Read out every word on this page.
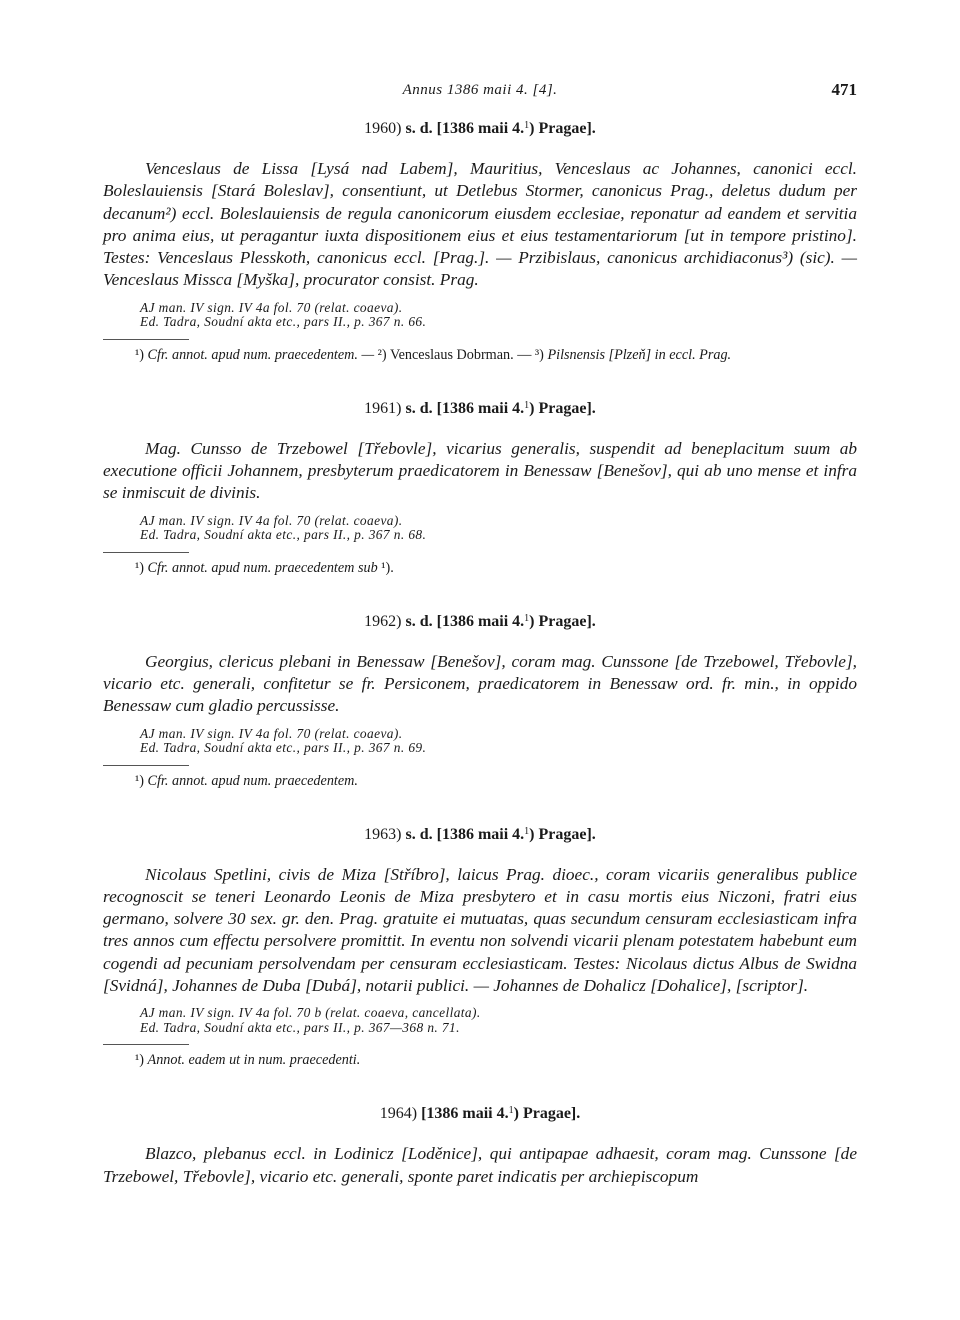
Annus 1386 maii 4. [4].	471
1960) s. d. [1386 maii 4.$^1$) Pragae].

Venceslaus de Lissa [Lysá nad Labem], Mauritius, Venceslaus ac Johannes, canonici eccl. Boleslauiensis [Stará Boleslav], consentiunt, ut Detlebus Stormer, canonicus Prag., deletus dudum per decanum²) eccl. Boleslauiensis de regula canonicorum eiusdem ecclesiae, reponatur ad eandem et servitia pro anima eius, ut peragantur iuxta dispositionem eius et eius testamentariorum [ut in tempore pristino]. Testes: Venceslaus Plesskoth, canonicus eccl. [Prag.]. — Przibislaus, canonicus archidiaconus³) (sic). — Venceslaus Missca [Myška], procurator consist. Prag.

AJ man. IV sign. IV 4a fol. 70 (relat. coaeva).
Ed. Tadra, Soudní akta etc., pars II., p. 367 n. 66.

¹) Cfr. annot. apud num. praecedentem. — ²) Venceslaus Dobrman. — ³) Pilsnensis [Plzeň] in eccl. Prag.

1961) s. d. [1386 maii 4.$^1$) Pragae].

Mag. Cunsso de Trzebowel [Třebovle], vicarius generalis, suspendit ad beneplacitum suum ab executione officii Johannem, presbyterum praedicatorem in Benessaw [Benešov], qui ab uno mense et infra se inmiscuit de divinis.

AJ man. IV sign. IV 4a fol. 70 (relat. coaeva).
Ed. Tadra, Soudní akta etc., pars II., p. 367 n. 68.

¹) Cfr. annot. apud num. praecedentem sub ¹).

1962) s. d. [1386 maii 4.$^1$) Pragae].

Georgius, clericus plebani in Benessaw [Benešov], coram mag. Cunssone [de Trzebowel, Třebovle], vicario etc. generali, confitetur se fr. Persiconem, praedicatorem in Benessaw ord. fr. min., in oppido Benessaw cum gladio percussisse.

AJ man. IV sign. IV 4a fol. 70 (relat. coaeva).
Ed. Tadra, Soudní akta etc., pars II., p. 367 n. 69.

¹) Cfr. annot. apud num. praecedentem.

1963) s. d. [1386 maii 4.$^1$) Pragae].

Nicolaus Spetlini, civis de Miza [Stříbro], laicus Prag. dioec., coram vicariis generalibus publice recognoscit se teneri Leonardo Leonis de Miza presbytero et in casu mortis eius Niczoni, fratri eius germano, solvere 30 sex. gr. den. Prag. gratuite ei mutuatas, quas secundum censuram ecclesiasticam infra tres annos cum effectu persolvere promittit. In eventu non solvendi vicarii plenam potestatem habebunt eum cogendi ad pecuniam persolvendam per censuram ecclesiasticam. Testes: Nicolaus dictus Albus de Swidna [Svidná], Johannes de Duba [Dubá], notarii publici. — Johannes de Dohalicz [Dohalice], [scriptor].

AJ man. IV sign. IV 4a fol. 70 b (relat. coaeva, cancellata).
Ed. Tadra, Soudní akta etc., pars II., p. 367—368 n. 71.

¹) Annot. eadem ut in num. praecedenti.

1964) [1386 maii 4.$^1$) Pragae].

Blazco, plebanus eccl. in Lodinicz [Loděnice], qui antipapae adhaesit, coram mag. Cunssone [de Trzebowel, Třebovle], vicario etc. generali, sponte paret indicatis per archiepiscopum
